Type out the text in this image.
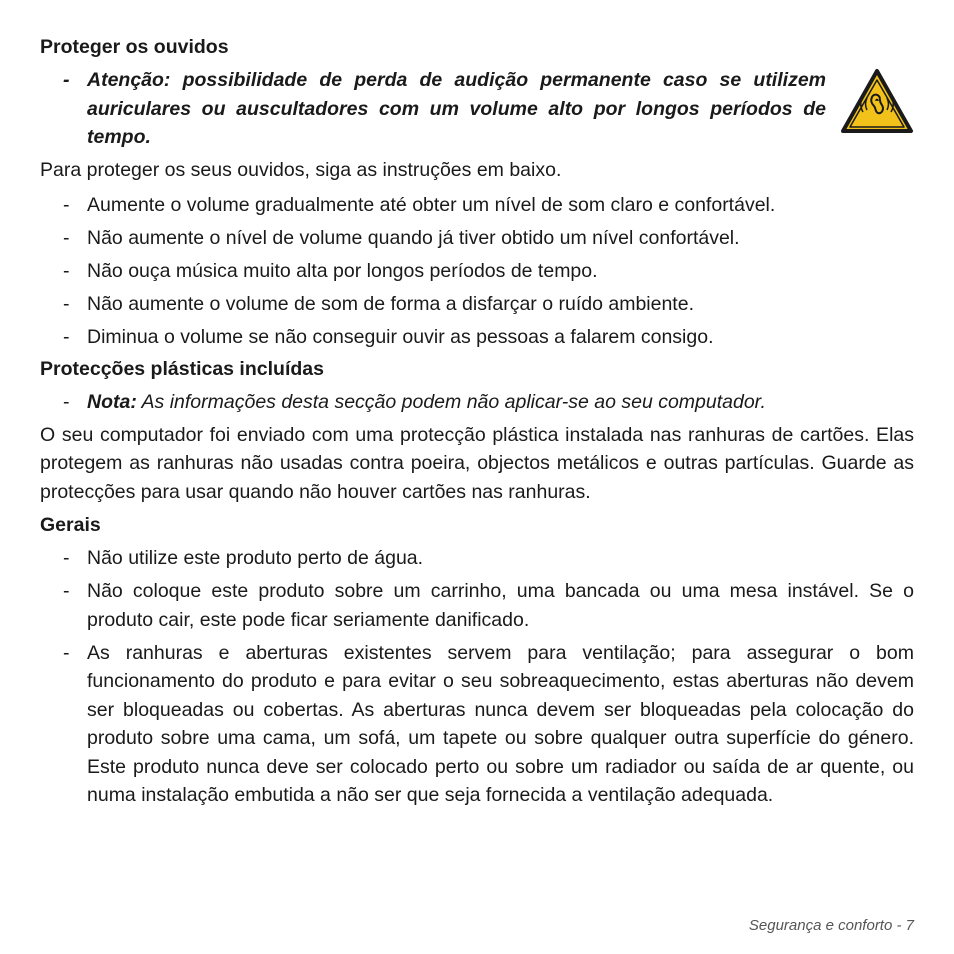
Proteger os ouvidos
- Atenção: possibilidade de perda de audição permanente caso se utilizem auriculares ou auscultadores com um volume alto por longos períodos de tempo.
Para proteger os seus ouvidos, siga as instruções em baixo.
- Aumente o volume gradualmente até obter um nível de som claro e confortável.
- Não aumente o nível de volume quando já tiver obtido um nível confortável.
- Não ouça música muito alta por longos períodos de tempo.
- Não aumente o volume de som de forma a disfarçar o ruído ambiente.
- Diminua o volume se não conseguir ouvir as pessoas a falarem consigo.
Protecções plásticas incluídas
- Nota: As informações desta secção podem não aplicar-se ao seu computador.
O seu computador foi enviado com uma protecção plástica instalada nas ranhuras de cartões. Elas protegem as ranhuras não usadas contra poeira, objectos metálicos e outras partículas. Guarde as protecções para usar quando não houver cartões nas ranhuras.
Gerais
- Não utilize este produto perto de água.
- Não coloque este produto sobre um carrinho, uma bancada ou uma mesa instável. Se o produto cair, este pode ficar seriamente danificado.
- As ranhuras e aberturas existentes servem para ventilação; para assegurar o bom funcionamento do produto e para evitar o seu sobreaquecimento, estas aberturas não devem ser bloqueadas ou cobertas. As aberturas nunca devem ser bloqueadas pela colocação do produto sobre uma cama, um sofá, um tapete ou sobre qualquer outra superfície do género. Este produto nunca deve ser colocado perto ou sobre um radiador ou saída de ar quente, ou numa instalação embutida a não ser que seja fornecida a ventilação adequada.
Segurança e conforto - 7
